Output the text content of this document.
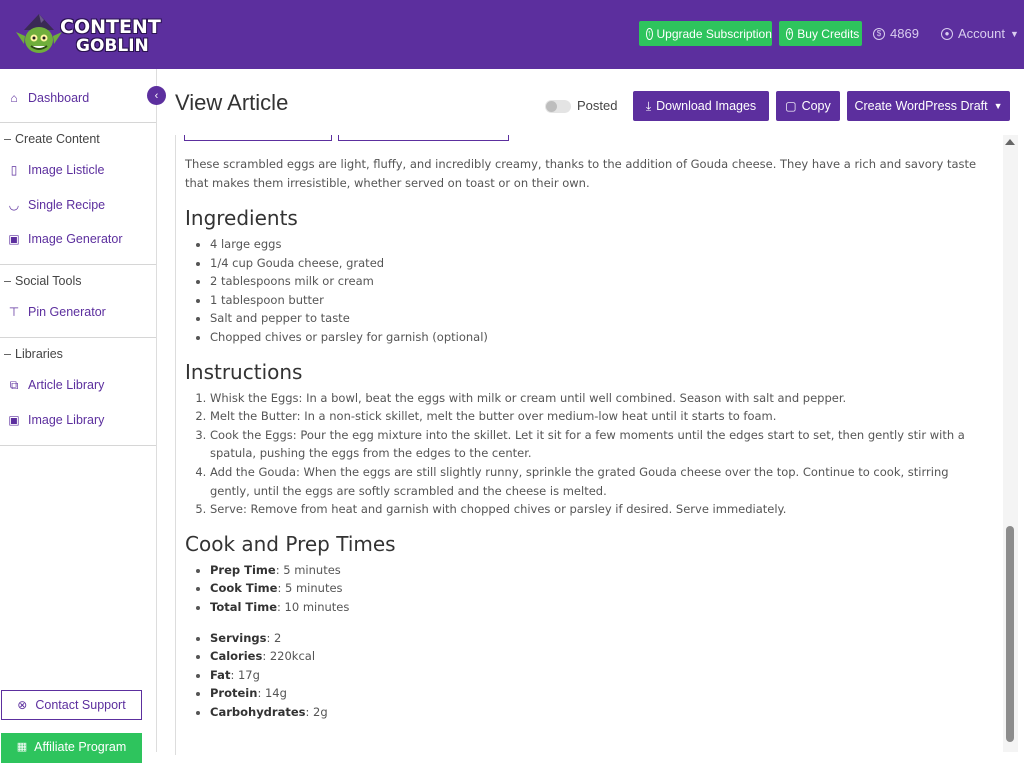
CONTENT
GOBLIN
↑ Upgrade Subscription + Buy Credits	$ 4869	● Account ▼
⌂ Dashboard
Create Content
▯ Image Listicle
◡ Single Recipe
▣ Image Generator
Social Tools
⊤ Pin Generator
Libraries
⧉ Article Library
▣ Image Library
‹
⊗ Contact Support
▦ Affiliate Program
View Article	Posted ⤓ Download Images ▢ Copy Create WordPress Draft ▼

These scrambled eggs are light, fluffy, and incredibly creamy, thanks to the addition of Gouda cheese. They have a rich and savory taste that makes them irresistible, whether served on toast or on their own.

Ingredients
• 4 large eggs
• 1/4 cup Gouda cheese, grated
• 2 tablespoons milk or cream
• 1 tablespoon butter
• Salt and pepper to taste
• Chopped chives or parsley for garnish (optional)
Instructions
1. Whisk the Eggs: In a bowl, beat the eggs with milk or cream until well combined. Season with salt and pepper.
2. Melt the Butter: In a non-stick skillet, melt the butter over medium-low heat until it starts to foam.
3. Cook the Eggs: Pour the egg mixture into the skillet. Let it sit for a few moments until the edges start to set, then gently stir with a spatula, pushing the eggs from the edges to the center.
4. Add the Gouda: When the eggs are still slightly runny, sprinkle the grated Gouda cheese over the top. Continue to cook, stirring gently, until the eggs are softly scrambled and the cheese is melted.
5. Serve: Remove from heat and garnish with chopped chives or parsley if desired. Serve immediately.
Cook and Prep Times
• Prep Time: 5 minutes
• Cook Time: 5 minutes
• Total Time: 10 minutes
• Servings: 2
• Calories: 220kcal
• Fat: 17g
• Protein: 14g
• Carbohydrates: 2g
